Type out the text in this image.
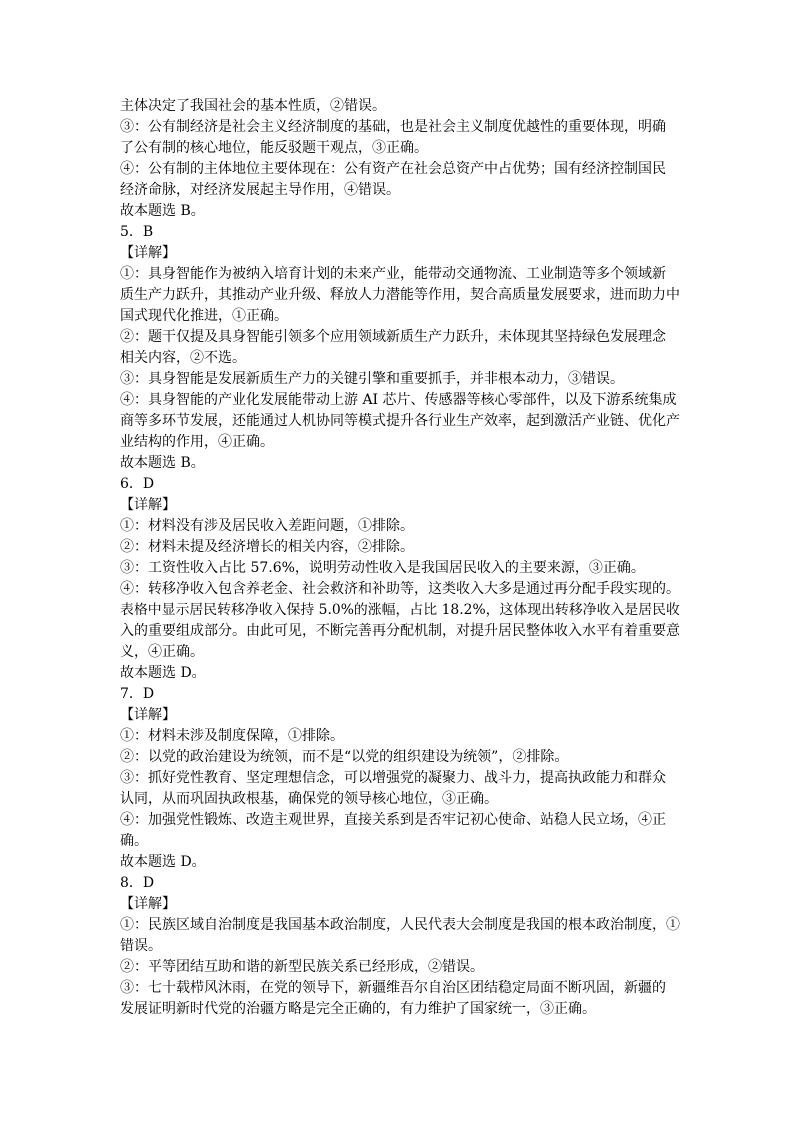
主体决定了我国社会的基本性质，②错误。
③：公有制经济是社会主义经济制度的基础，也是社会主义制度优越性的重要体现，明确
了公有制的核心地位，能反驳题干观点，③正确。
④：公有制的主体地位主要体现在：公有资产在社会总资产中占优势；国有经济控制国民
经济命脉，对经济发展起主导作用，④错误。
故本题选 B。
5．B
【详解】
①：具身智能作为被纳入培育计划的未来产业，能带动交通物流、工业制造等多个领域新
质生产力跃升，其推动产业升级、释放人力潜能等作用，契合高质量发展要求，进而助力中
国式现代化推进，①正确。
②：题干仅提及具身智能引领多个应用领域新质生产力跃升，未体现其坚持绿色发展理念
相关内容，②不选。
③：具身智能是发展新质生产力的关键引擎和重要抓手，并非根本动力，③错误。
④：具身智能的产业化发展能带动上游 AI 芯片、传感器等核心零部件，以及下游系统集成
商等多环节发展，还能通过人机协同等模式提升各行业生产效率，起到激活产业链、优化产
业结构的作用，④正确。
故本题选 B。
6．D
【详解】
①：材料没有涉及居民收入差距问题，①排除。
②：材料未提及经济增长的相关内容，②排除。
③：工资性收入占比 57.6%，说明劳动性收入是我国居民收入的主要来源，③正确。
④：转移净收入包含养老金、社会救济和补助等，这类收入大多是通过再分配手段实现的。
表格中显示居民转移净收入保持 5.0%的涨幅，占比 18.2%，这体现出转移净收入是居民收
入的重要组成部分。由此可见，不断完善再分配机制，对提升居民整体收入水平有着重要意
义，④正确。
故本题选 D。
7．D
【详解】
①：材料未涉及制度保障，①排除。
②：以党的政治建设为统领，而不是“以党的组织建设为统领”，②排除。
③：抓好党性教育、坚定理想信念，可以增强党的凝聚力、战斗力，提高执政能力和群众
认同，从而巩固执政根基，确保党的领导核心地位，③正确。
④：加强党性锻炼、改造主观世界，直接关系到是否牢记初心使命、站稳人民立场，④正
确。
故本题选 D。
8．D
【详解】
①：民族区域自治制度是我国基本政治制度，人民代表大会制度是我国的根本政治制度，①
错误。
②：平等团结互助和谐的新型民族关系已经形成，②错误。
③：七十载栉风沐雨，在党的领导下，新疆维吾尔自治区团结稳定局面不断巩固，新疆的
发展证明新时代党的治疆方略是完全正确的，有力维护了国家统一，③正确。
